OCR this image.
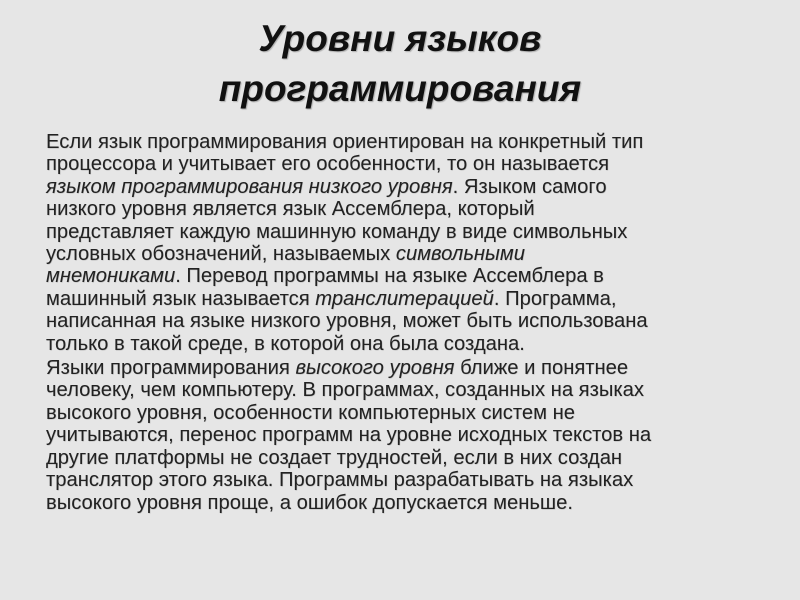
Уровни языков
программирования

Если язык программирования ориентирован на конкретный тип
процессора и учитывает его особенности, то он называется
языком программирования низкого уровня. Языком самого
низкого уровня является язык Ассемблера, который
представляет каждую машинную команду в виде символьных
условных обозначений, называемых символьными
мнемониками. Перевод программы на языке Ассемблера в
машинный язык называется транслитерацией. Программа,
написанная на языке низкого уровня, может быть использована
только в такой среде, в которой она была создана.

Языки программирования высокого уровня ближе и понятнее
человеку, чем компьютеру. В программах, созданных на языках
высокого уровня, особенности компьютерных систем не
учитываются, перенос программ на уровне исходных текстов на
другие платформы не создает трудностей, если в них создан
транслятор этого языка. Программы разрабатывать на языках
высокого уровня проще, а ошибок допускается меньше.
